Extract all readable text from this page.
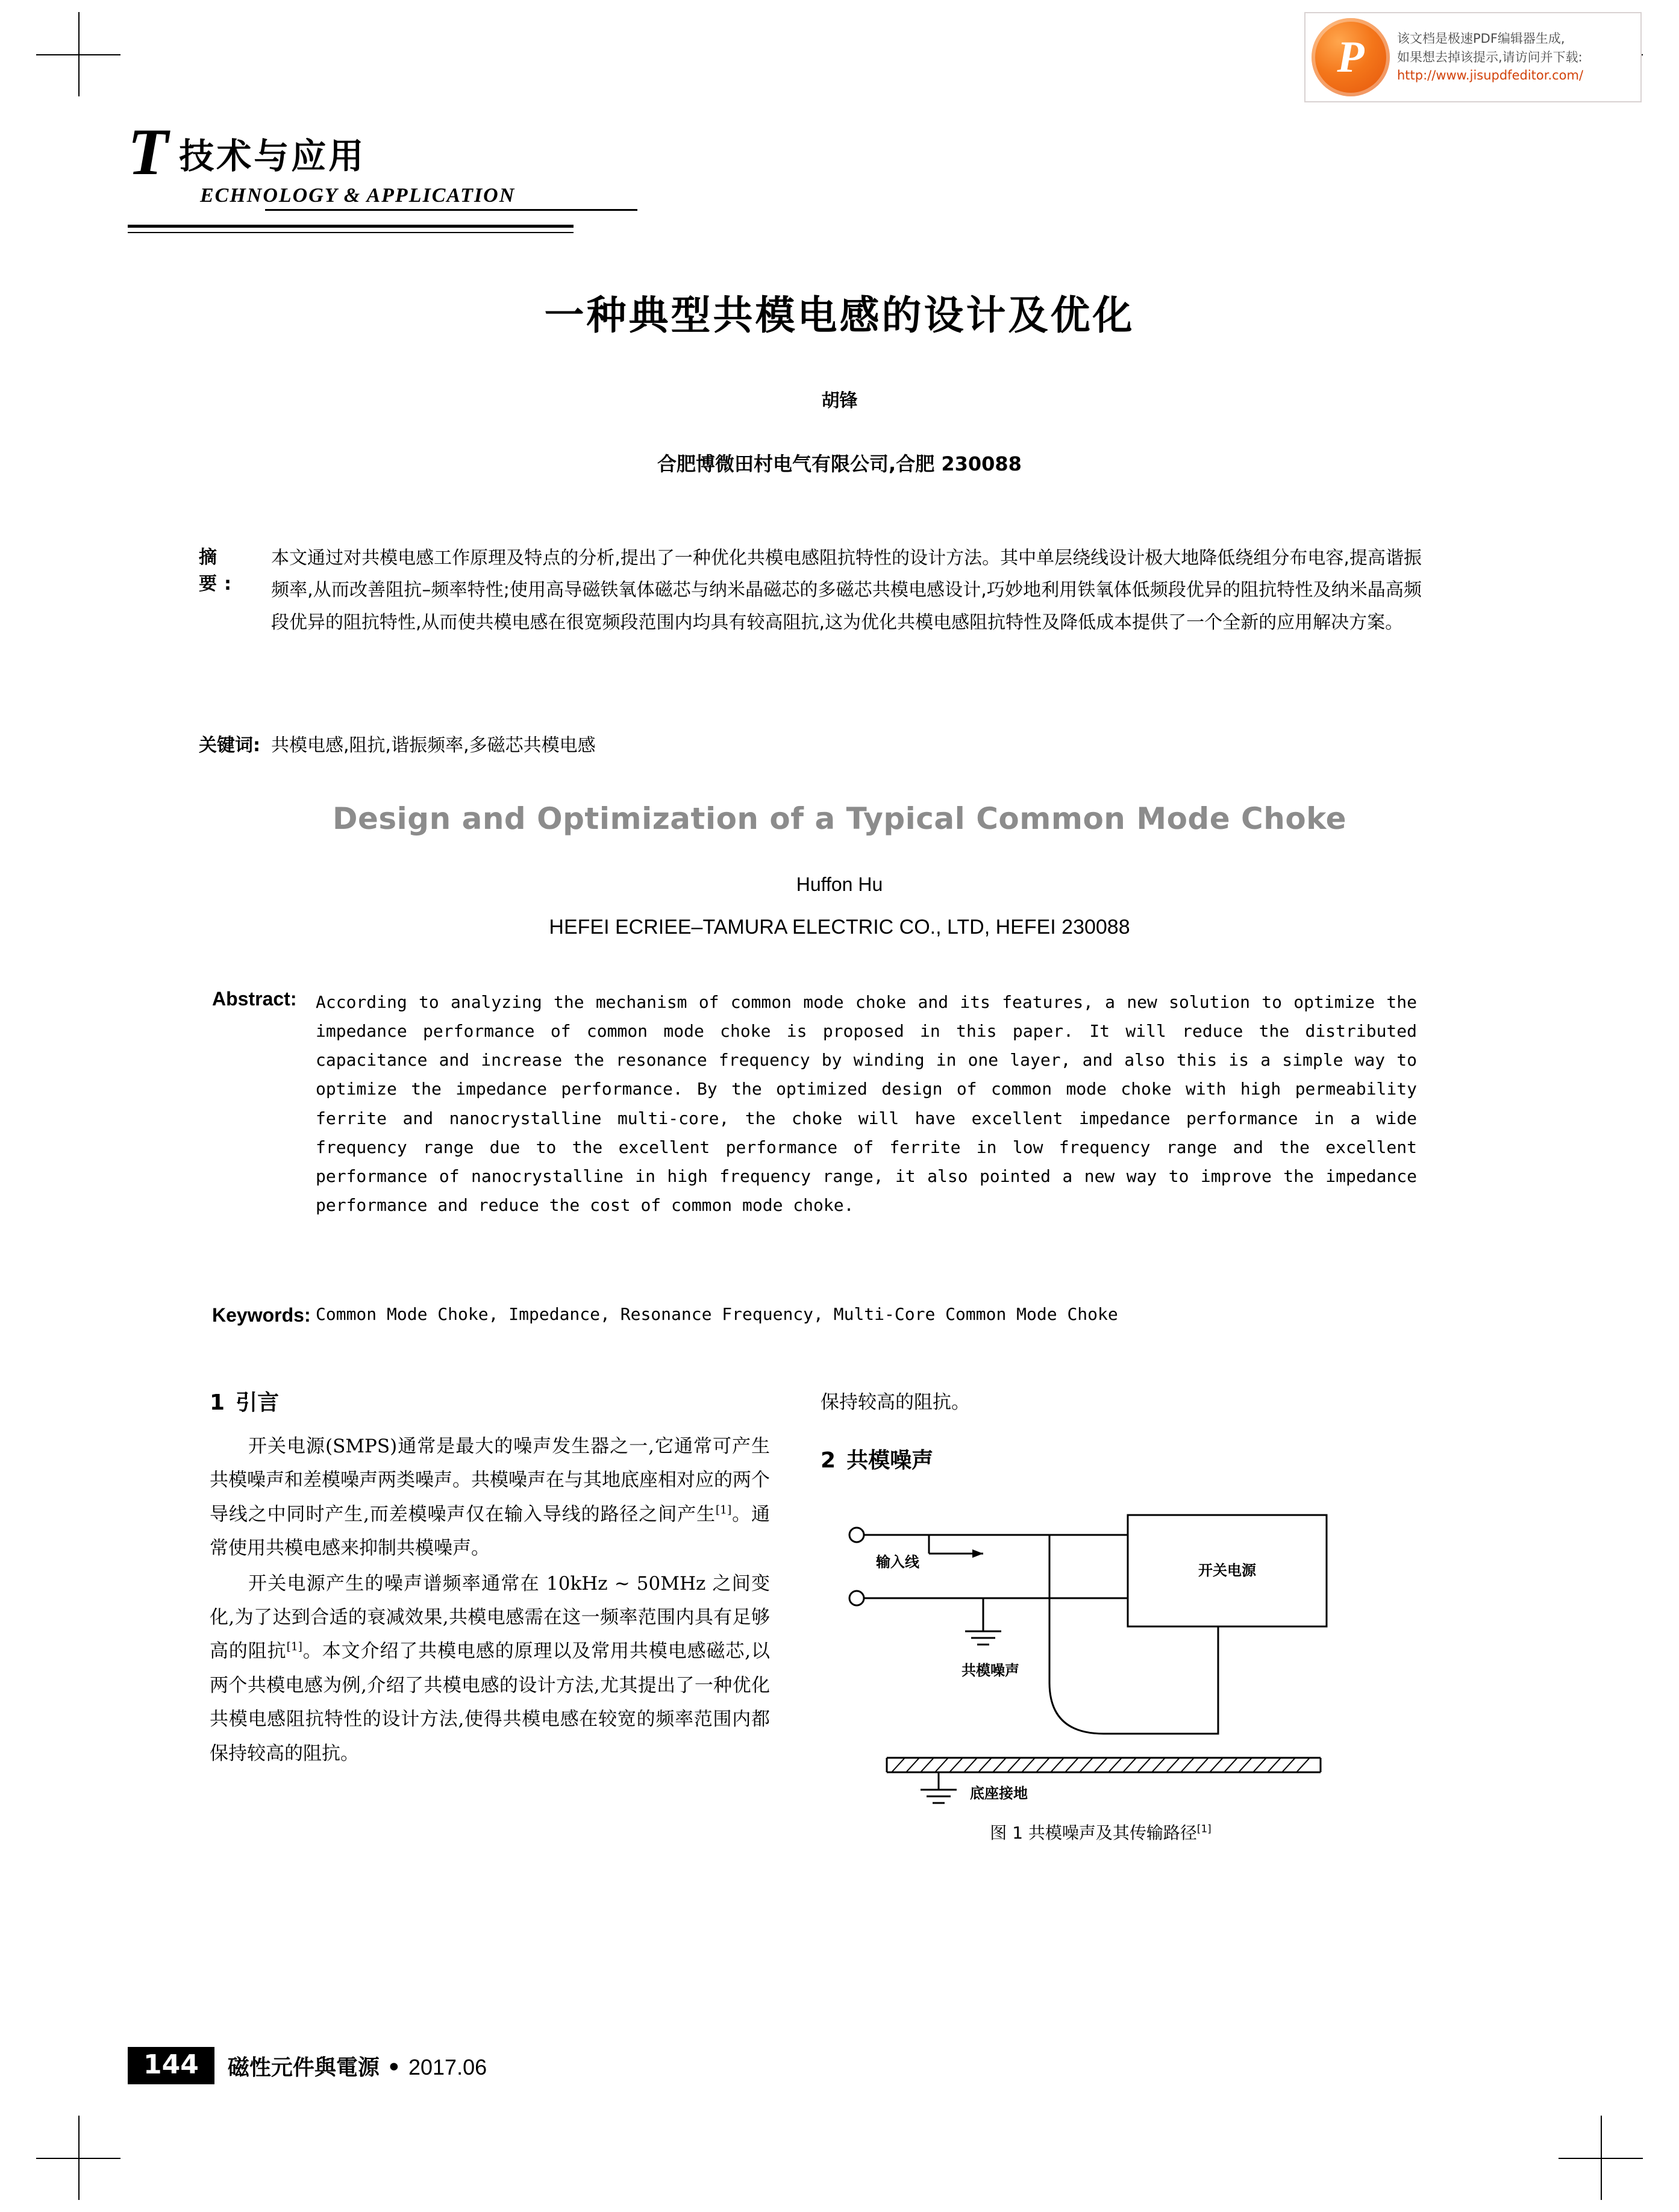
P	该文档是极速PDF编辑器生成,
如果想去掉该提示,请访问并下载:
http://www.jisupdfeditor.com/
T 技术与应用
ECHNOLOGY & APPLICATION
一种典型共模电感的设计及优化
胡锋
合肥博微田村电气有限公司,合肥 230088
摘 要:
本文通过对共模电感工作原理及特点的分析,提出了一种优化共模电感阻抗特性的设计方法。其中单层绕线设计极大地降低绕组分布电容,提高谐振频率,从而改善阻抗–频率特性;使用高导磁铁氧体磁芯与纳米晶磁芯的多磁芯共模电感设计,巧妙地利用铁氧体低频段优异的阻抗特性及纳米晶高频段优异的阻抗特性,从而使共模电感在很宽频段范围内均具有较高阻抗,这为优化共模电感阻抗特性及降低成本提供了一个全新的应用解决方案。
关键词: 共模电感,阻抗,谐振频率,多磁芯共模电感
Design and Optimization of a Typical Common Mode Choke
Huffon Hu
HEFEI ECRIEE–TAMURA ELECTRIC CO., LTD, HEFEI 230088
Abstract:	According to analyzing the mechanism of common mode choke and its features, a new solution to optimize the impedance performance of common mode choke is proposed in this paper. It will reduce the distributed capacitance and increase the resonance frequency by winding in one layer, and also this is a simple way to optimize the impedance performance. By the optimized design of common mode choke with high permeability ferrite and nanocrystalline multi-core, the choke will have excellent impedance performance in a wide frequency range due to the excellent performance of ferrite in low frequency range and the excellent performance of nanocrystalline in high frequency range, it also pointed a new way to improve the impedance performance and reduce the cost of common mode choke.
Keywords: Common Mode Choke, Impedance, Resonance Frequency, Multi-Core Common Mode Choke
1 引言

开关电源(SMPS)通常是最大的噪声发生器之一,它通常可产生共模噪声和差模噪声两类噪声。共模噪声在与其地底座相对应的两个导线之中同时产生,而差模噪声仅在输入导线的路径之间产生[1]。通常使用共模电感来抑制共模噪声。

开关电源产生的噪声谱频率通常在 10kHz ~ 50MHz 之间变化,为了达到合适的衰减效果,共模电感需在这一频率范围内具有足够高的阻抗[1]。本文介绍了共模电感的原理以及常用共模电感磁芯,以两个共模电感为例,介绍了共模电感的设计方法,尤其提出了一种优化共模电感阻抗特性的设计方法,使得共模电感在较宽的频率范围内都保持较高的阻抗。

保持较高的阻抗。

2 共模噪声
开关电源
输入线
共模噪声
底座接地
图 1 共模噪声及其传输路径[1]
144	磁性元件與電源 • 2017.06
